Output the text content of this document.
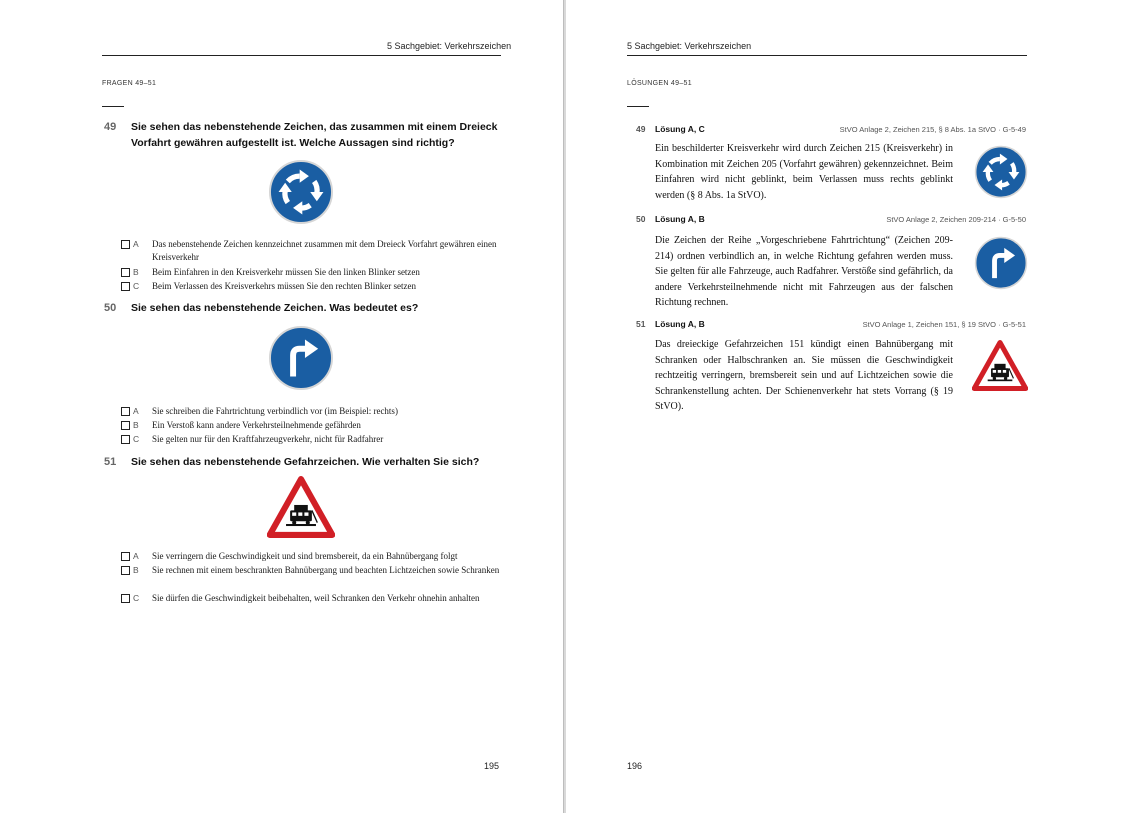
5 Sachgebiet: Verkehrszeichen
FRAGEN 49–51
49 Sie sehen das nebenstehende Zeichen, das zusammen mit einem Dreieck
Vorfahrt gewähren aufgestellt ist. Welche Aussagen sind richtig?
A Das nebenstehende Zeichen kennzeichnet zusammen mit dem Dreieck Vorfahrt gewähren einen Kreisverkehr
B Beim Einfahren in den Kreisverkehr müssen Sie den linken Blinker setzen
C Beim Verlassen des Kreisverkehrs müssen Sie den rechten Blinker setzen
50 Sie sehen das nebenstehende Zeichen. Was bedeutet es?
A Sie schreiben die Fahrtrichtung verbindlich vor (im Beispiel: rechts)
B Ein Verstoß kann andere Verkehrsteilnehmende gefährden
C Sie gelten nur für den Kraftfahrzeugverkehr, nicht für Radfahrer
51 Sie sehen das nebenstehende Gefahrzeichen. Wie verhalten Sie sich?
A Sie verringern die Geschwindigkeit und sind bremsbereit, da ein Bahnübergang folgt
B Sie rechnen mit einem beschrankten Bahnübergang und beachten Lichtzeichen sowie Schranken
C Sie dürfen die Geschwindigkeit beibehalten, weil Schranken den Verkehr ohnehin anhalten
195
5 Sachgebiet: Verkehrszeichen
LÖSUNGEN 49–51
49 Lösung A, C	StVO Anlage 2, Zeichen 215, § 8 Abs. 1a StVO · G-5-49
Ein beschilderter Kreisverkehr wird durch Zeichen 215 (Kreisverkehr) in Kombination mit Zeichen 205 (Vorfahrt gewähren) gekennzeichnet. Beim Einfahren wird nicht geblinkt, beim Verlassen muss rechts geblinkt werden (§ 8 Abs. 1a StVO).
50 Lösung A, B	StVO Anlage 2, Zeichen 209-214 · G-5-50
Die Zeichen der Reihe „Vorgeschriebene Fahrtrichtung“ (Zeichen 209-214) ordnen verbindlich an, in welche Richtung gefahren werden muss. Sie gelten für alle Fahrzeuge, auch Radfahrer. Verstöße sind gefährlich, da andere Verkehrsteilnehmende nicht mit Fahrzeugen aus der falschen Richtung rechnen.
51 Lösung A, B	StVO Anlage 1, Zeichen 151, § 19 StVO · G-5-51
Das dreieckige Gefahrzeichen 151 kündigt einen Bahnübergang mit Schranken oder Halbschranken an. Sie müssen die Geschwindigkeit rechtzeitig verringern, bremsbereit sein und auf Lichtzeichen sowie die Schrankenstellung achten. Der Schienenverkehr hat stets Vorrang (§ 19 StVO).
196
